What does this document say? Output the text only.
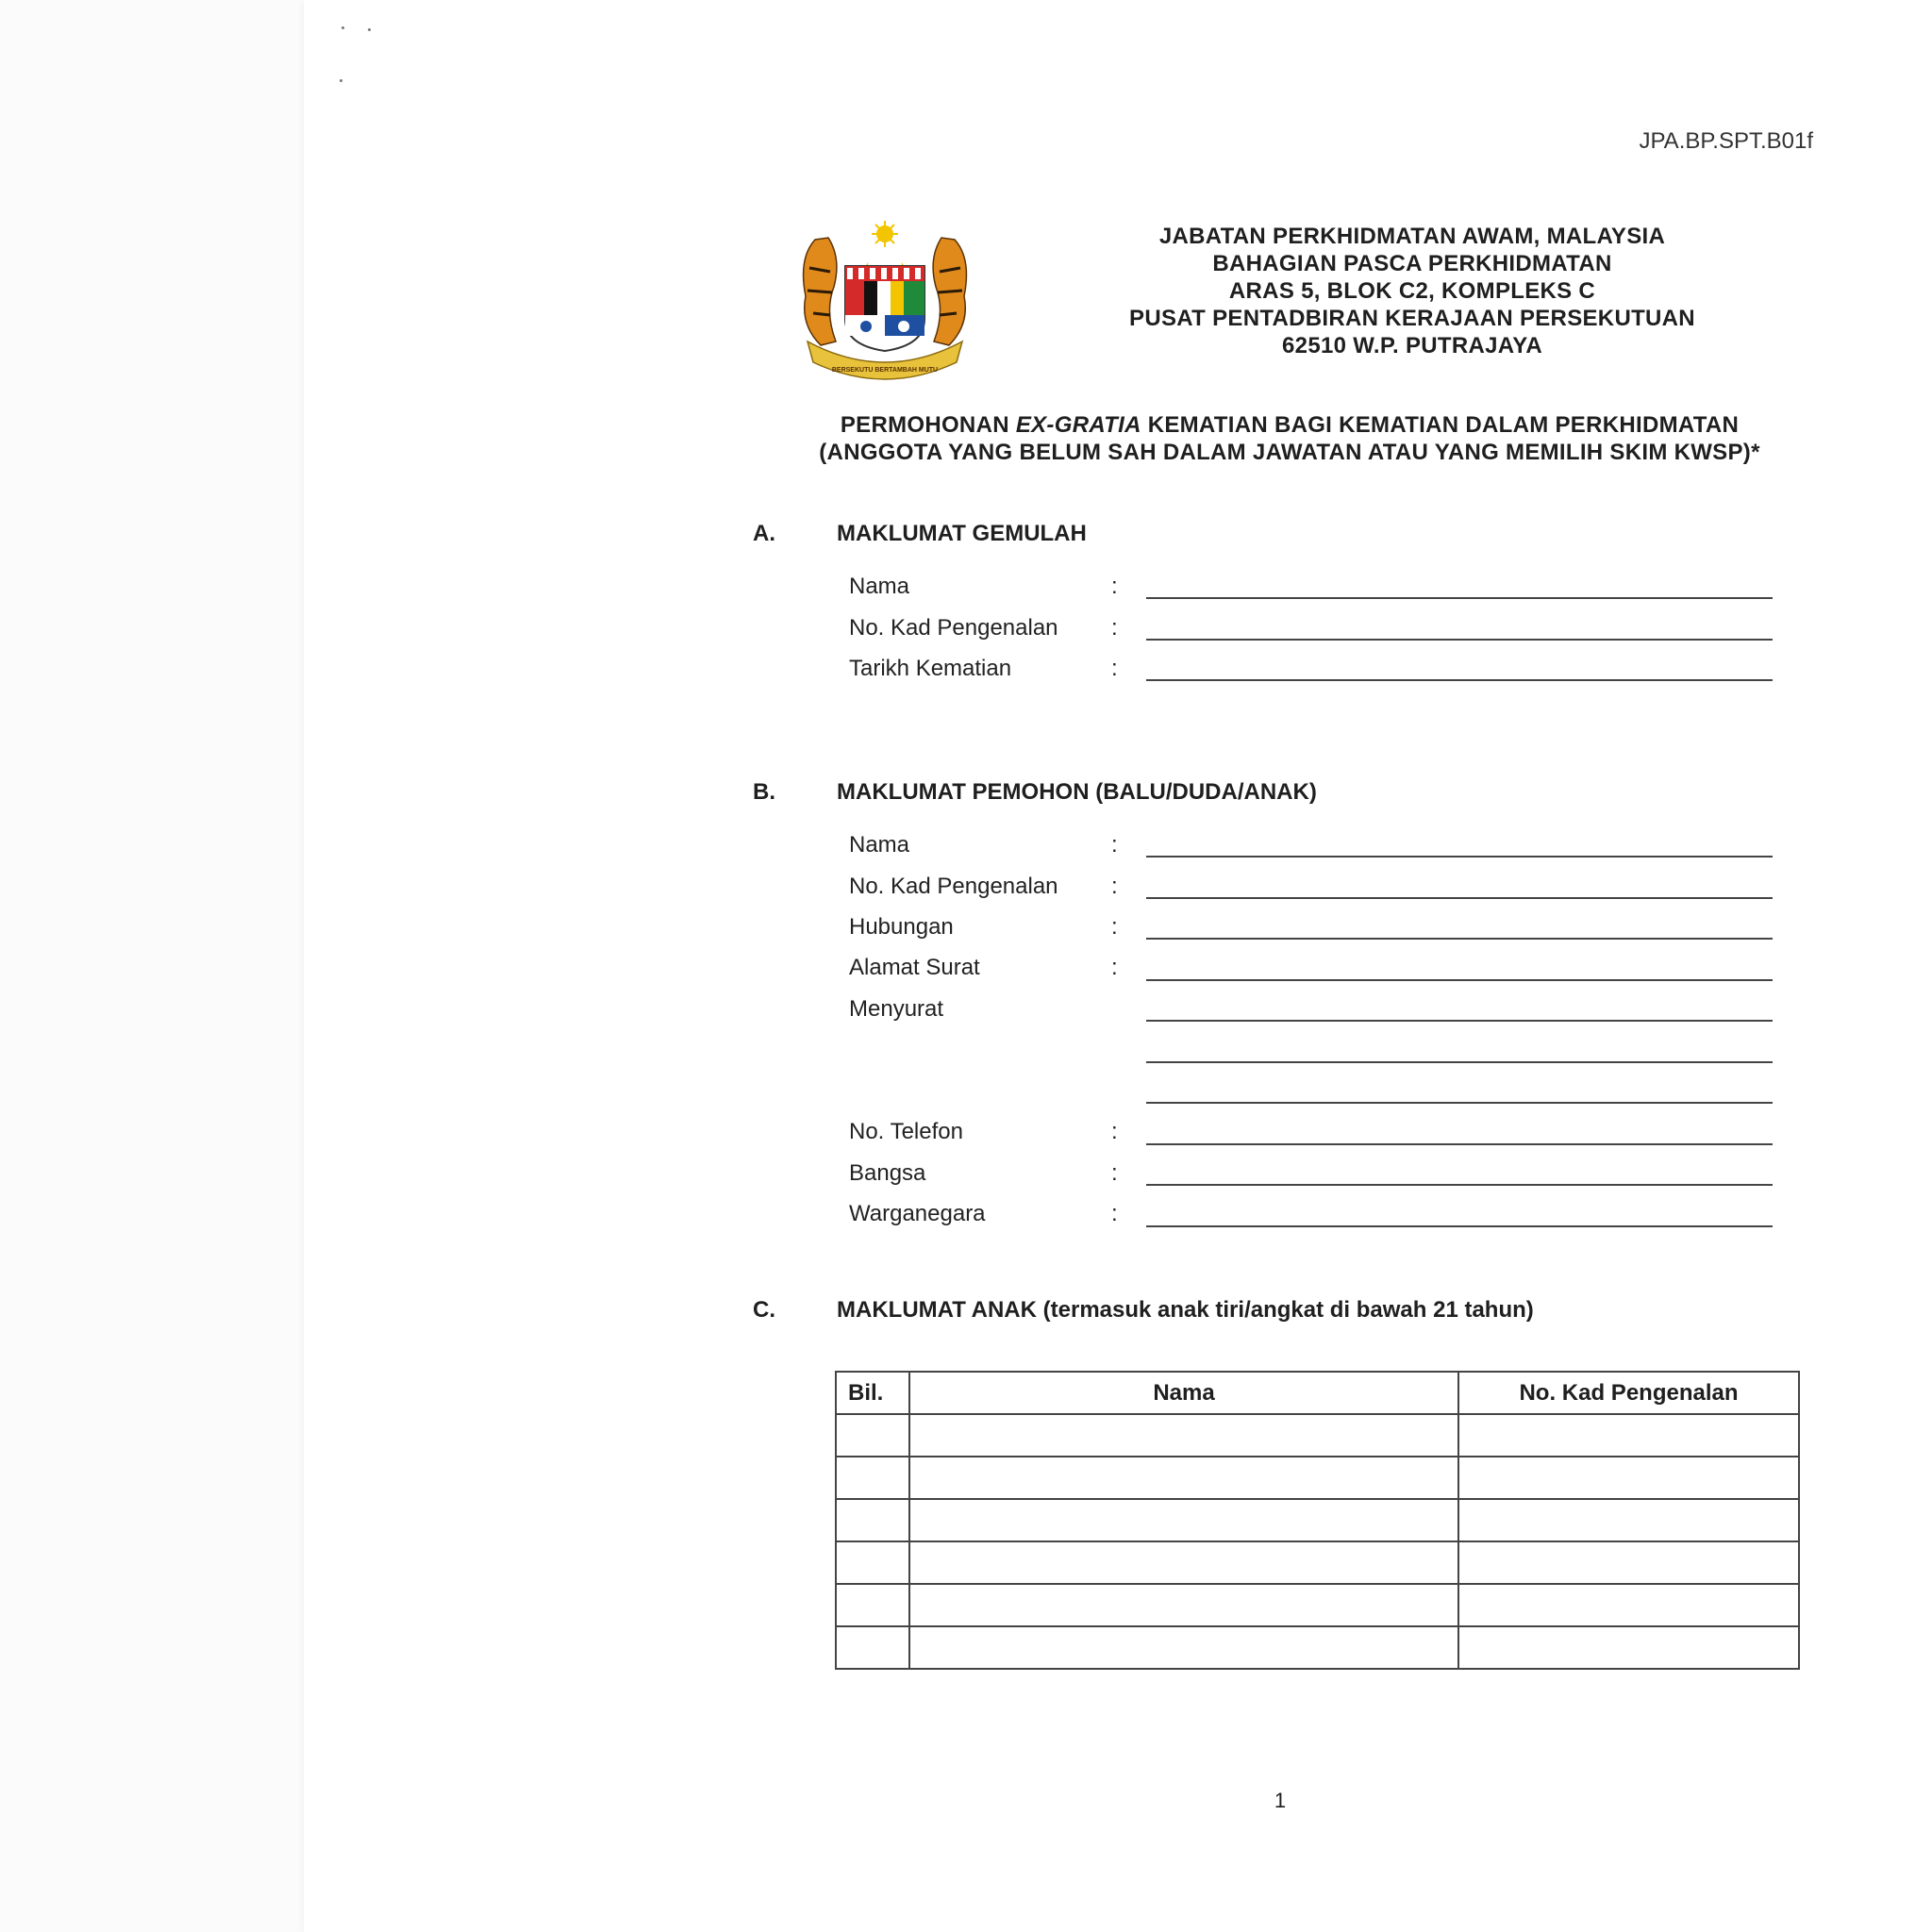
JPA.BP.SPT.B01f
BERSEKUTU BERTAMBAH MUTU
JABATAN PERKHIDMATAN AWAM, MALAYSIA
BAHAGIAN PASCA PERKHIDMATAN
ARAS 5, BLOK C2, KOMPLEKS C
PUSAT PENTADBIRAN KERAJAAN PERSEKUTUAN
62510 W.P. PUTRAJAYA
PERMOHONAN EX-GRATIA KEMATIAN BAGI KEMATIAN DALAM PERKHIDMATAN
(ANGGOTA YANG BELUM SAH DALAM JAWATAN ATAU YANG MEMILIH SKIM KWSP)*
A.	MAKLUMAT GEMULAH
Nama	:
No. Kad Pengenalan :
Tarikh Kematian	:
B.	MAKLUMAT PEMOHON (BALU/DUDA/ANAK)
Nama	:
No. Kad Pengenalan :
Hubungan	:
Alamat Surat	:
Menyurat
No. Telefon	:
Bangsa	:
Warganegara	:
C.	MAKLUMAT ANAK (termasuk anak tiri/angkat di bawah 21 tahun)
Bil.	Nama	No. Kad Pengenalan

1
